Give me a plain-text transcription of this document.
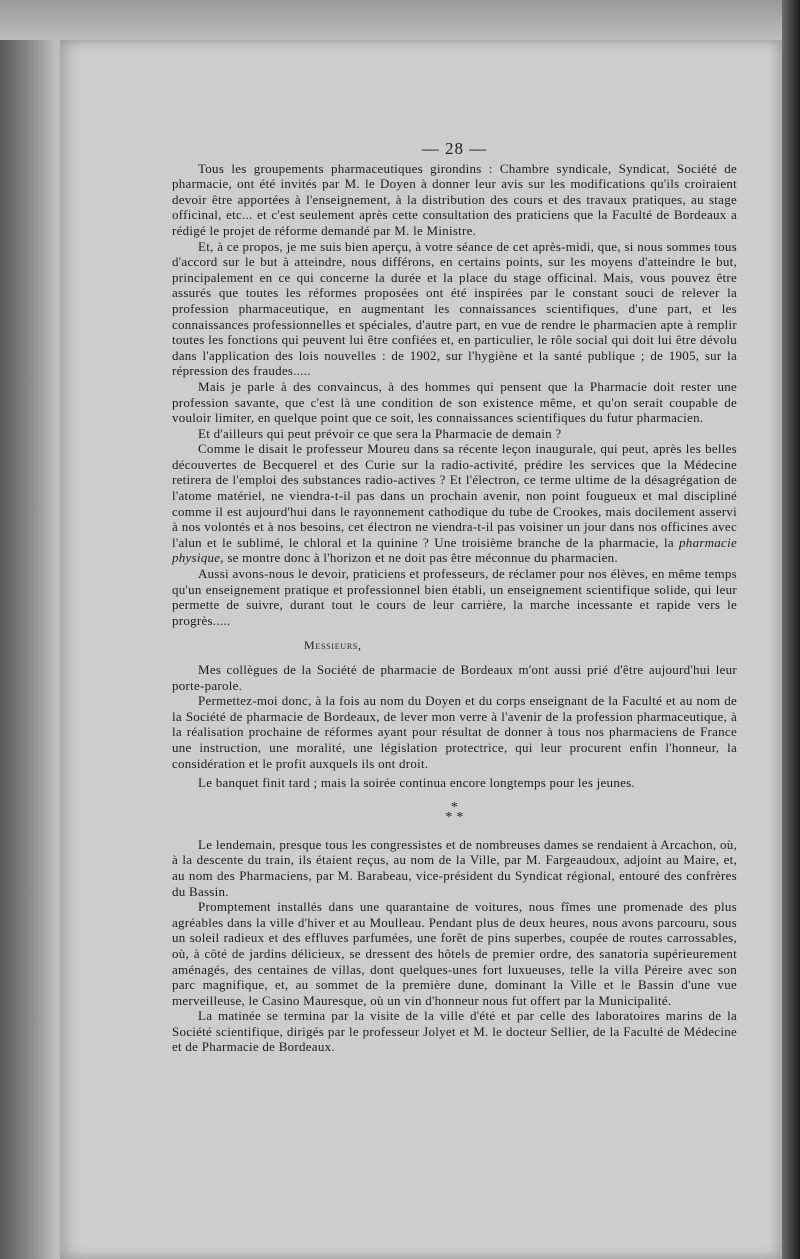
— 28 —

Tous les groupements pharmaceutiques girondins : Chambre syndicale, Syndicat, Société de pharmacie, ont été invités par M. le Doyen à donner leur avis sur les modifications qu'ils croiraient devoir être apportées à l'enseignement, à la distribution des cours et des travaux pratiques, au stage officinal, etc... et c'est seulement après cette consultation des praticiens que la Faculté de Bordeaux a rédigé le projet de réforme demandé par M. le Ministre.

Et, à ce propos, je me suis bien aperçu, à votre séance de cet après-midi, que, si nous sommes tous d'accord sur le but à atteindre, nous différons, en certains points, sur les moyens d'atteindre le but, principalement en ce qui concerne la durée et la place du stage officinal. Mais, vous pouvez être assurés que toutes les réformes proposées ont été inspirées par le constant souci de relever la profession pharmaceutique, en augmentant les connaissances scientifiques, d'une part, et les connaissances professionnelles et spéciales, d'autre part, en vue de rendre le pharmacien apte à remplir toutes les fonctions qui peuvent lui être confiées et, en particulier, le rôle social qui doit lui être dévolu dans l'application des lois nouvelles : de 1902, sur l'hygiène et la santé publique ; de 1905, sur la répression des fraudes.....

Mais je parle à des convaincus, à des hommes qui pensent que la Pharmacie doit rester une profession savante, que c'est là une condition de son existence même, et qu'on serait coupable de vouloir limiter, en quelque point que ce soit, les connaissances scientifiques du futur pharmacien.

Et d'ailleurs qui peut prévoir ce que sera la Pharmacie de demain ?

Comme le disait le professeur Moureu dans sa récente leçon inaugurale, qui peut, après les belles découvertes de Becquerel et des Curie sur la radio-activité, prédire les services que la Médecine retirera de l'emploi des substances radio-actives ? Et l'électron, ce terme ultime de la désagrégation de l'atome matériel, ne viendra-t-il pas dans un prochain avenir, non point fougueux et mal discipliné comme il est aujourd'hui dans le rayonnement cathodique du tube de Crookes, mais docilement asservi à nos volontés et à nos besoins, cet électron ne viendra-t-il pas voisiner un jour dans nos officines avec l'alun et le sublimé, le chloral et la quinine ? Une troisième branche de la pharmacie, la pharmacie physique, se montre donc à l'horizon et ne doit pas être méconnue du pharmacien.

Aussi avons-nous le devoir, praticiens et professeurs, de réclamer pour nos élèves, en même temps qu'un enseignement pratique et professionnel bien établi, un enseignement scientifique solide, qui leur permette de suivre, durant tout le cours de leur carrière, la marche incessante et rapide vers le progrès.....

Messieurs,

Mes collègues de la Société de pharmacie de Bordeaux m'ont aussi prié d'être aujourd'hui leur porte-parole.

Permettez-moi donc, à la fois au nom du Doyen et du corps enseignant de la Faculté et au nom de la Société de pharmacie de Bordeaux, de lever mon verre à l'avenir de la profession pharmaceutique, à la réalisation prochaine de réformes ayant pour résultat de donner à tous nos pharmaciens de France une instruction, une moralité, une législation protectrice, qui leur procurent enfin l'honneur, la considération et le profit auxquels ils ont droit.

Le banquet finit tard ; mais la soirée continua encore longtemps pour les jeunes.

*
* *

Le lendemain, presque tous les congressistes et de nombreuses dames se rendaient à Arcachon, où, à la descente du train, ils étaient reçus, au nom de la Ville, par M. Fargeaudoux, adjoint au Maire, et, au nom des Pharmaciens, par M. Barabeau, vice-président du Syndicat régional, entouré des confrères du Bassin.

Promptement installés dans une quarantaine de voitures, nous fîmes une promenade des plus agréables dans la ville d'hiver et au Moulleau. Pendant plus de deux heures, nous avons parcouru, sous un soleil radieux et des effluves parfumées, une forêt de pins superbes, coupée de routes carrossables, où, à côté de jardins délicieux, se dressent des hôtels de premier ordre, des sanatoria supérieurement aménagés, des centaines de villas, dont quelques-unes fort luxueuses, telle la villa Péreire avec son parc magnifique, et, au sommet de la première dune, dominant la Ville et le Bassin d'une vue merveilleuse, le Casino Mauresque, où un vin d'honneur nous fut offert par la Municipalité.

La matinée se termina par la visite de la ville d'été et par celle des laboratoires marins de la Société scientifique, dirigés par le professeur Jolyet et M. le docteur Sellier, de la Faculté de Médecine et de Pharmacie de Bordeaux.
